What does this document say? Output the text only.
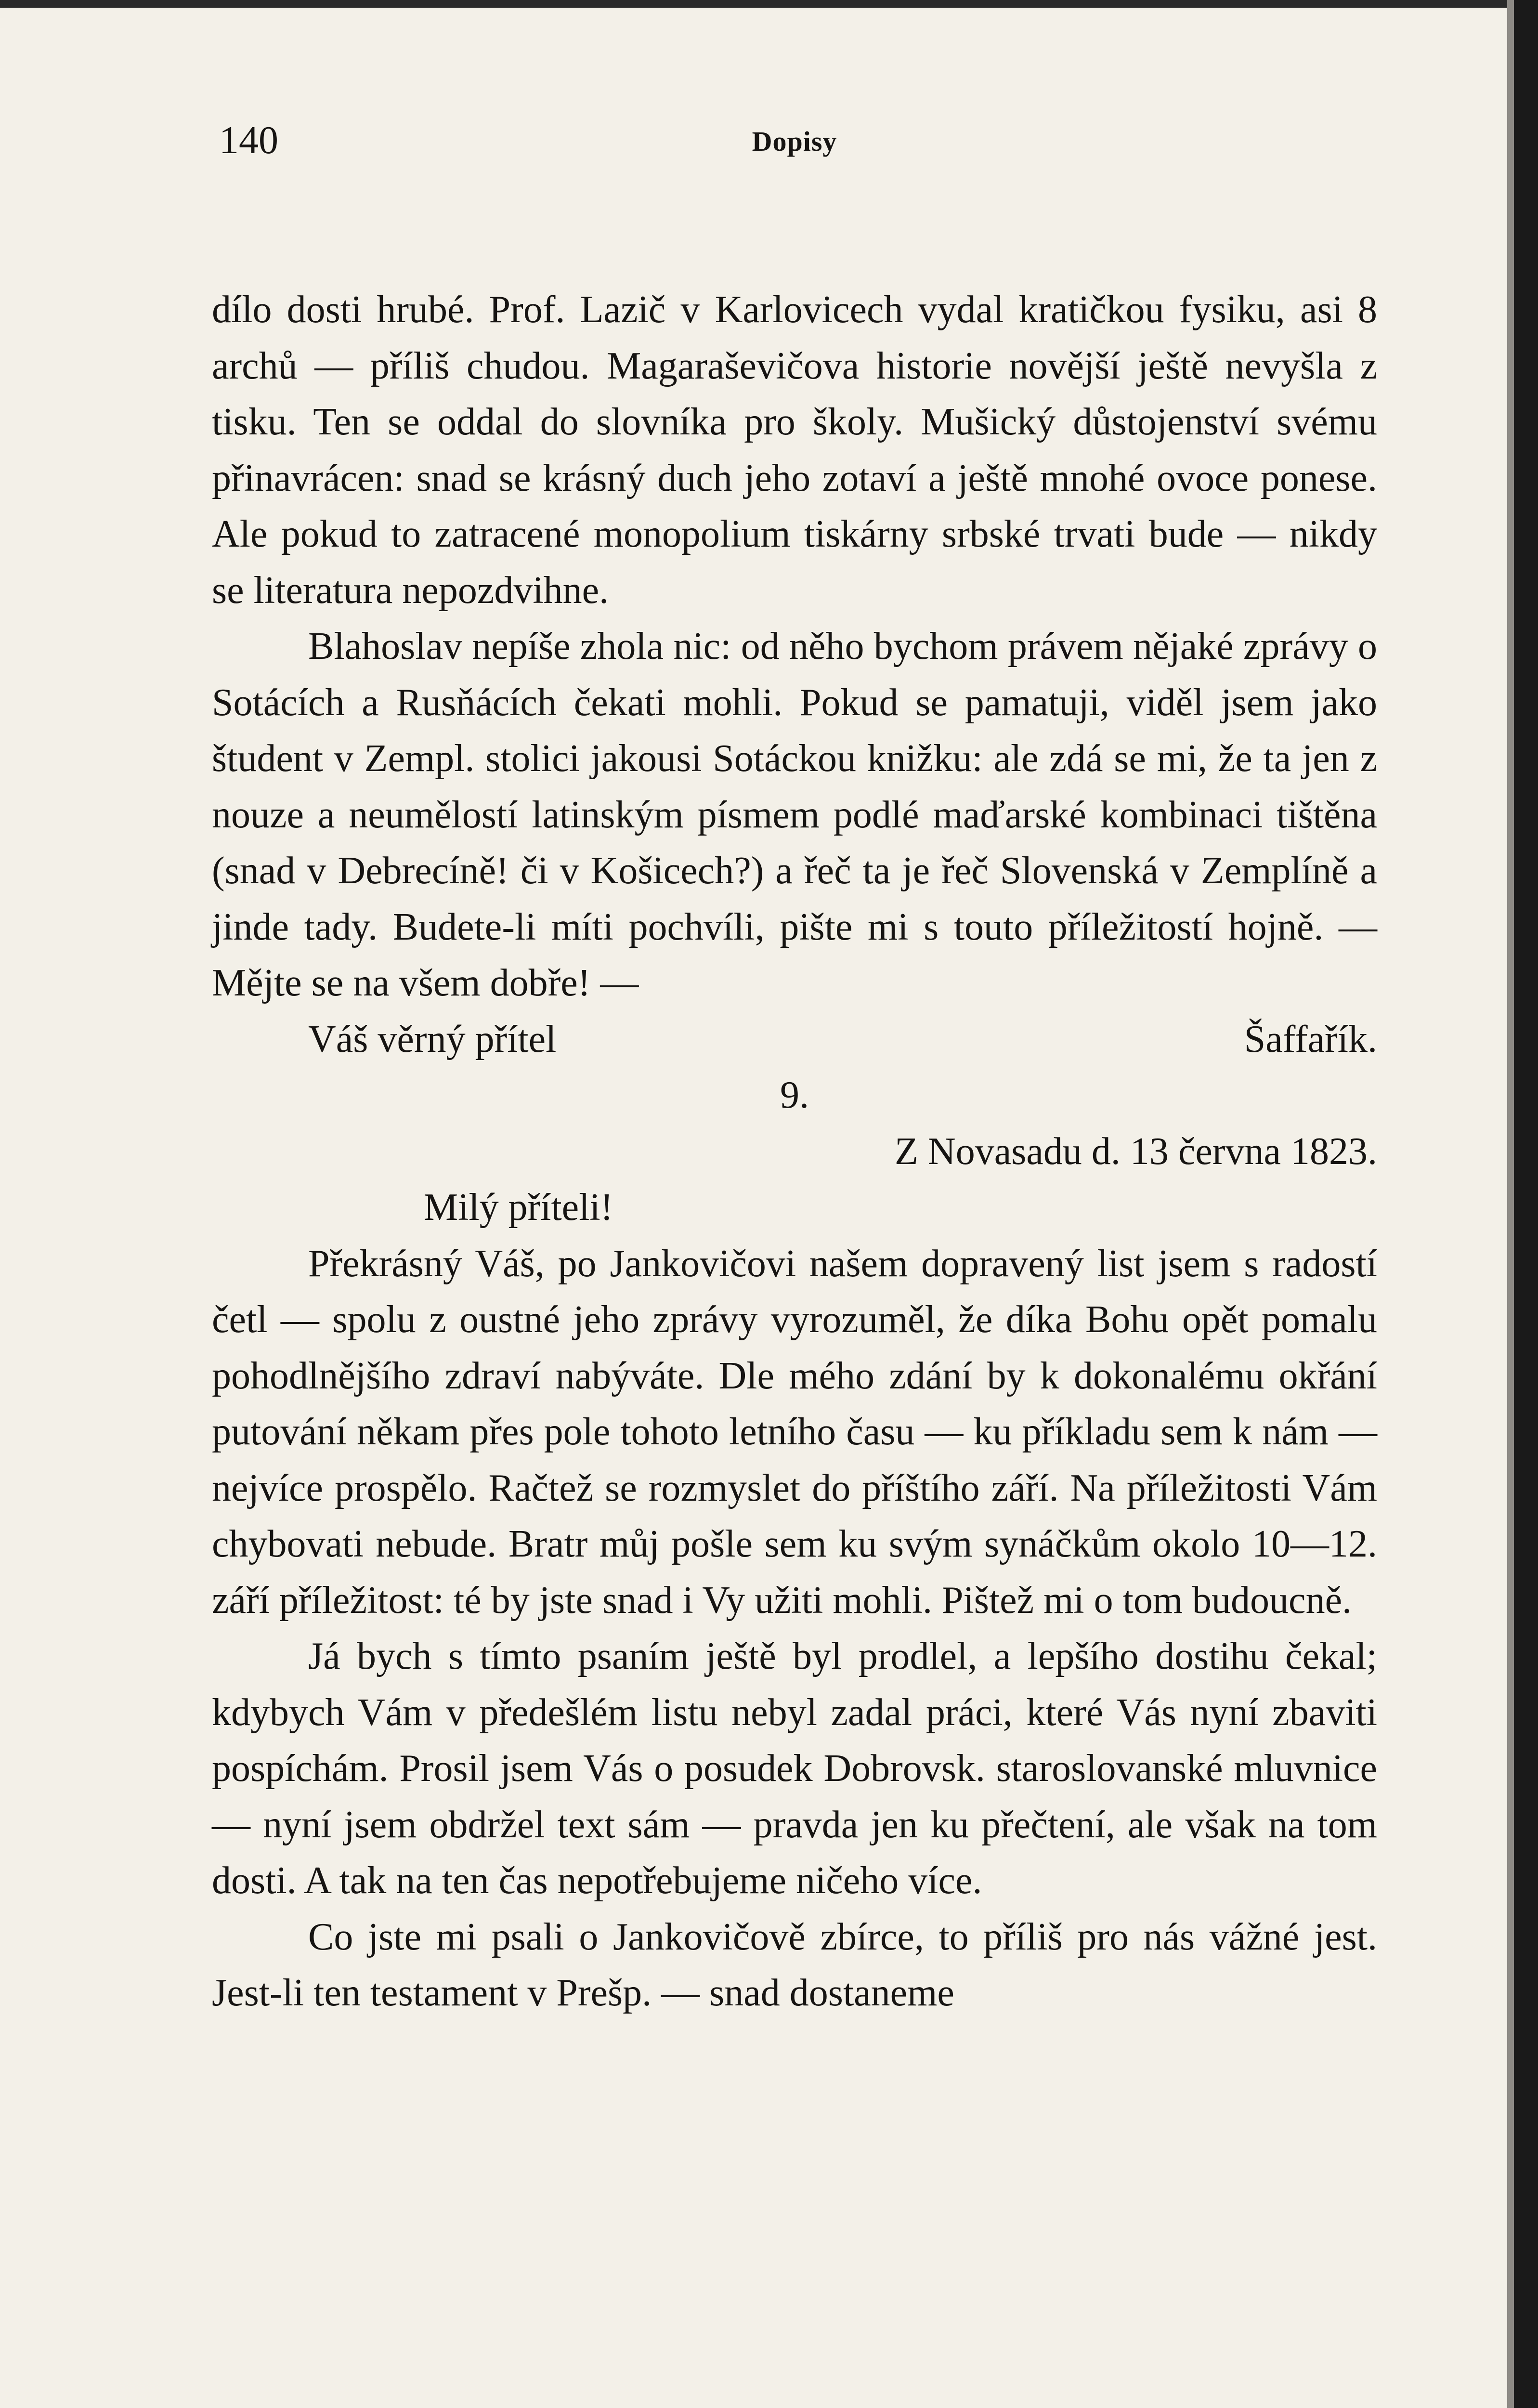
140	Dopisy

dílo dosti hrubé. Prof. Lazič v Karlovicech vydal kratičkou fysiku, asi 8 archů — příliš chudou. Magaraševičova historie novější ještě nevyšla z tisku. Ten se oddal do slovníka pro školy. Mušický důstojenství svému přinavrácen: snad se krásný duch jeho zotaví a ještě mnohé ovoce ponese. Ale pokud to zatracené monopolium tiskárny srbské trvati bude — nikdy se literatura nepozdvihne.

Blahoslav nepíše zhola nic: od něho bychom právem nějaké zprávy o Sotácích a Rusňácích čekati mohli. Pokud se pamatuji, viděl jsem jako študent v Zempl. stolici jakousi Sotáckou knižku: ale zdá se mi, že ta jen z nouze a neumělostí latinským písmem podlé maďarské kombinaci tištěna (snad v Debrecíně! či v Košicech?) a řeč ta je řeč Slovenská v Zemplíně a jinde tady. Budete-li míti pochvíli, pište mi s touto příležitostí hojně. — Mějte se na všem dobře! —

Váš věrný přítel	Šaffařík.
9.
Z Novasadu d. 13 června 1823.
Milý příteli!

Překrásný Váš, po Jankovičovi našem dopravený list jsem s radostí četl — spolu z oustné jeho zprávy vyrozuměl, že díka Bohu opět pomalu pohodlnějšího zdraví nabýváte. Dle mého zdání by k dokonalému okřání putování někam přes pole tohoto letního času — ku příkladu sem k nám — nejvíce prospělo. Račtež se rozmyslet do příštího září. Na příležitosti Vám chybovati nebude. Bratr můj pošle sem ku svým synáčkům okolo 10—12. září příležitost: té by jste snad i Vy užiti mohli. Pištež mi o tom budoucně.

Já bych s tímto psaním ještě byl prodlel, a lepšího dostihu čekal; kdybych Vám v předešlém listu nebyl zadal práci, které Vás nyní zbaviti pospíchám. Prosil jsem Vás o posudek Dobrovsk. staroslovanské mluvnice — nyní jsem obdržel text sám — pravda jen ku přečtení, ale však na tom dosti. A tak na ten čas nepotřebujeme ničeho více.

Co jste mi psali o Jankovičově zbírce, to příliš pro nás vážné jest. Jest-li ten testament v Prešp. — snad dostaneme
